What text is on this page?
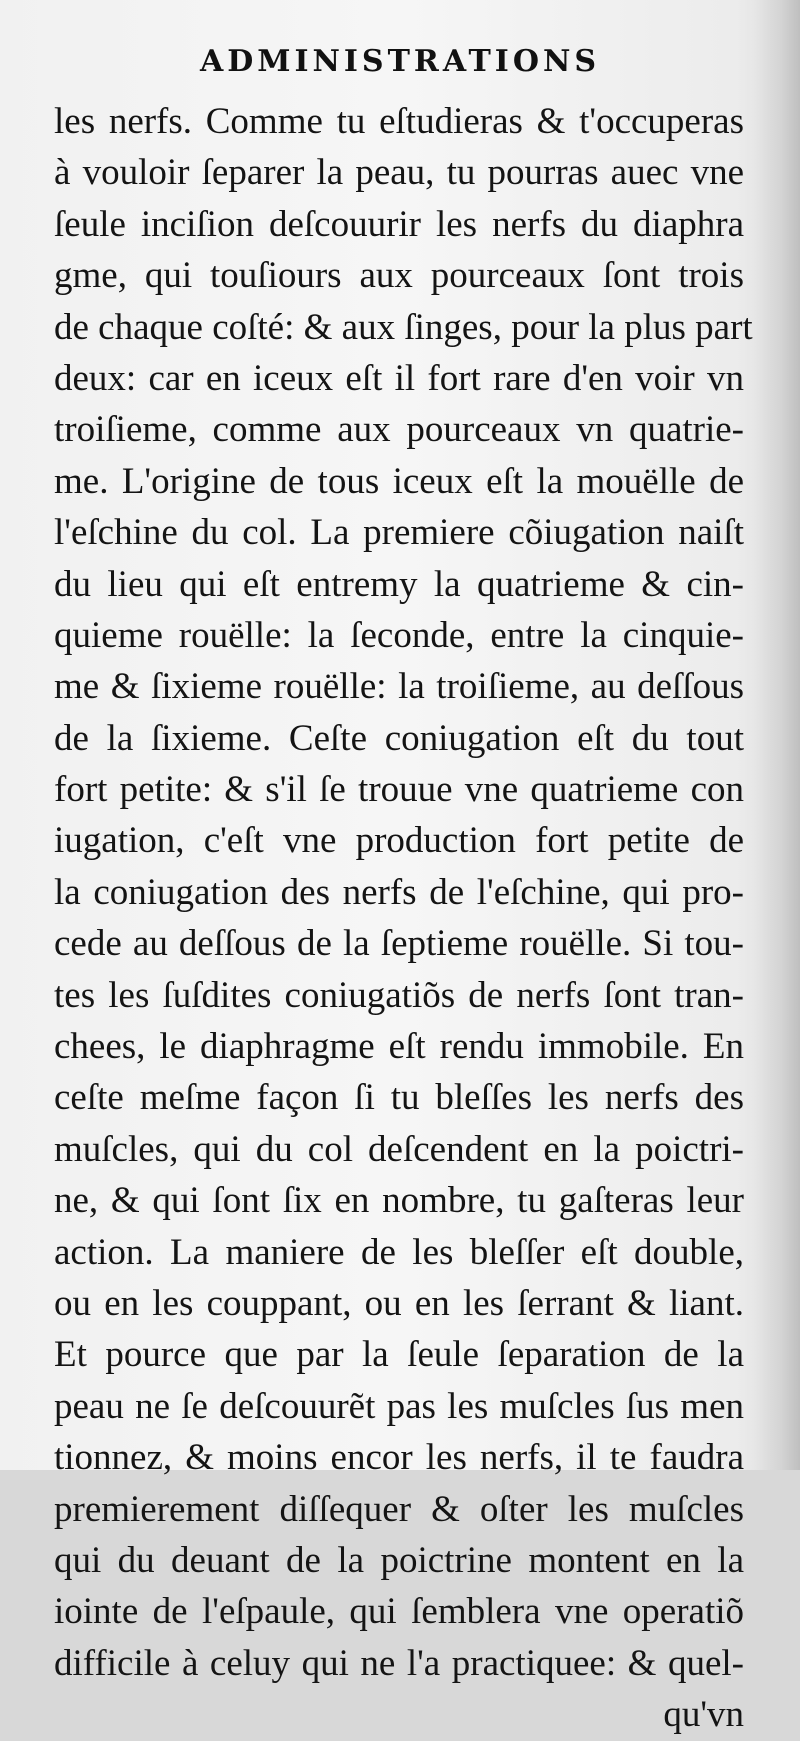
ADMINISTRATIONS
les nerfs. Comme tu eſtudieras & t'occuperas
à vouloir ſeparer la peau, tu pourras auec vne
ſeule inciſion deſcouurir les nerfs du diaphra
gme, qui touſiours aux pourceaux ſont trois
de chaque coſté: & aux ſinges, pour la plus part
deux: car en iceux eſt il fort rare d'en voir vn
troiſieme, comme aux pourceaux vn quatrie-
me. L'origine de tous iceux eſt la mouëlle de
l'eſchine du col. La premiere cõiugation naiſt
du lieu qui eſt entremy la quatrieme & cin-
quieme rouëlle: la ſeconde, entre la cinquie-
me & ſixieme rouëlle: la troiſieme, au deſſous
de la ſixieme. Ceſte coniugation eſt du tout
fort petite: & s'il ſe trouue vne quatrieme con
iugation, c'eſt vne production fort petite de
la coniugation des nerfs de l'eſchine, qui pro-
cede au deſſous de la ſeptieme rouëlle. Si tou-
tes les ſuſdites coniugatiõs de nerfs ſont tran-
chees, le diaphragme eſt rendu immobile. En
ceſte meſme façon ſi tu bleſſes les nerfs des
muſcles, qui du col deſcendent en la poictri-
ne, & qui ſont ſix en nombre, tu gaſteras leur
action. La maniere de les bleſſer eſt double,
ou en les couppant, ou en les ſerrant & liant.
Et pource que par la ſeule ſeparation de la
peau ne ſe deſcouurẽt pas les muſcles ſus men
tionnez, & moins encor les nerfs, il te faudra
premierement diſſequer & oſter les muſcles
qui du deuant de la poictrine montent en la
iointe de l'eſpaule, qui ſemblera vne operatiõ
difficile à celuy qui ne l'a practiquee: & quel-
qu'vn
